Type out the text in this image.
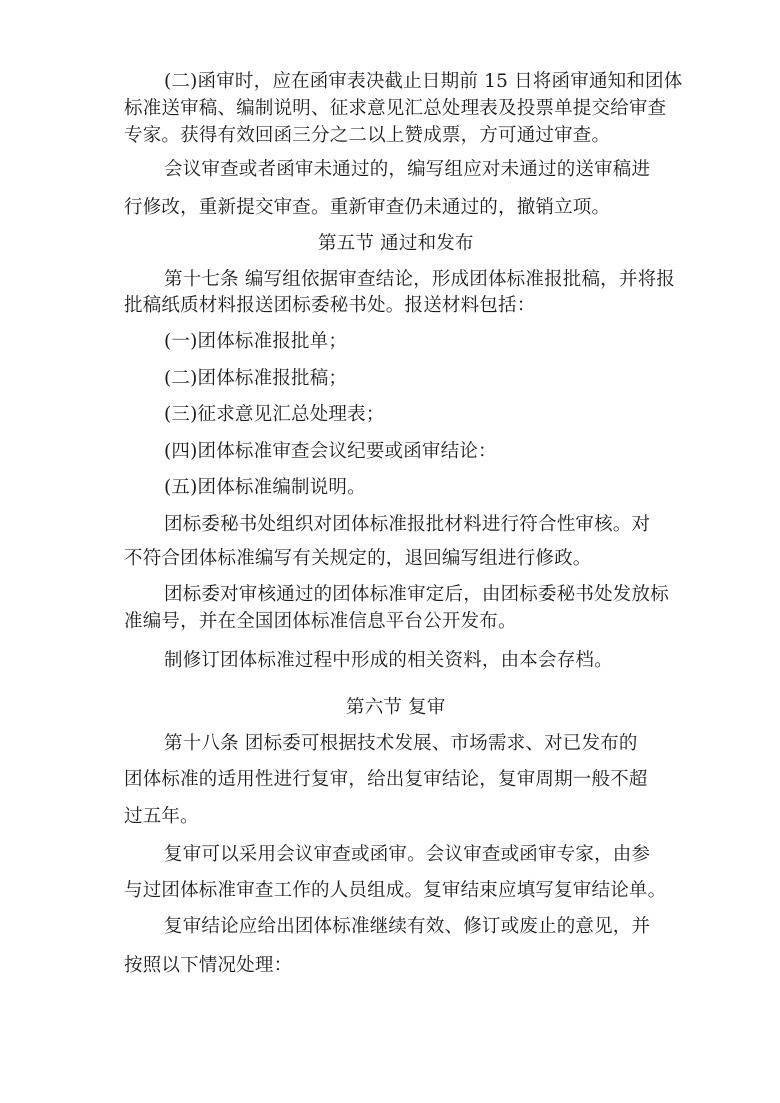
(二)函审时，应在函审表决截止日期前 15 日将函审通知和团体

标准送审稿、编制说明、征求意见汇总处理表及投票单提交给审查

专家。获得有效回函三分之二以上赞成票，方可通过审查。

会议审查或者函审未通过的，编写组应对未通过的送审稿进

行修改，重新提交审查。重新审查仍未通过的，撤销立项。

第五节 通过和发布

第十七条 编写组依据审查结论，形成团体标准报批稿，并将报

批稿纸质材料报送团标委秘书处。报送材料包括：

(一)团体标准报批单；

(二)团体标准报批稿；

(三)征求意见汇总处理表；

(四)团体标准审查会议纪要或函审结论：

(五)团体标准编制说明。

团标委秘书处组织对团体标准报批材料进行符合性审核。对

不符合团体标准编写有关规定的，退回编写组进行修政。

团标委对审核通过的团体标准审定后，由团标委秘书处发放标

准编号，并在全国团体标准信息平台公开发布。

制修订团体标准过程中形成的相关资料，由本会存档。

第六节 复审

第十八条 团标委可根据技术发展、市场需求、对已发布的

团体标准的适用性进行复审，给出复审结论，复审周期一般不超

过五年。

复审可以采用会议审查或函审。会议审查或函审专家，由参

与过团体标准审查工作的人员组成。复审结束应填写复审结论单。

复审结论应给出团体标准继续有效、修订或废止的意见，并

按照以下情况处理：
